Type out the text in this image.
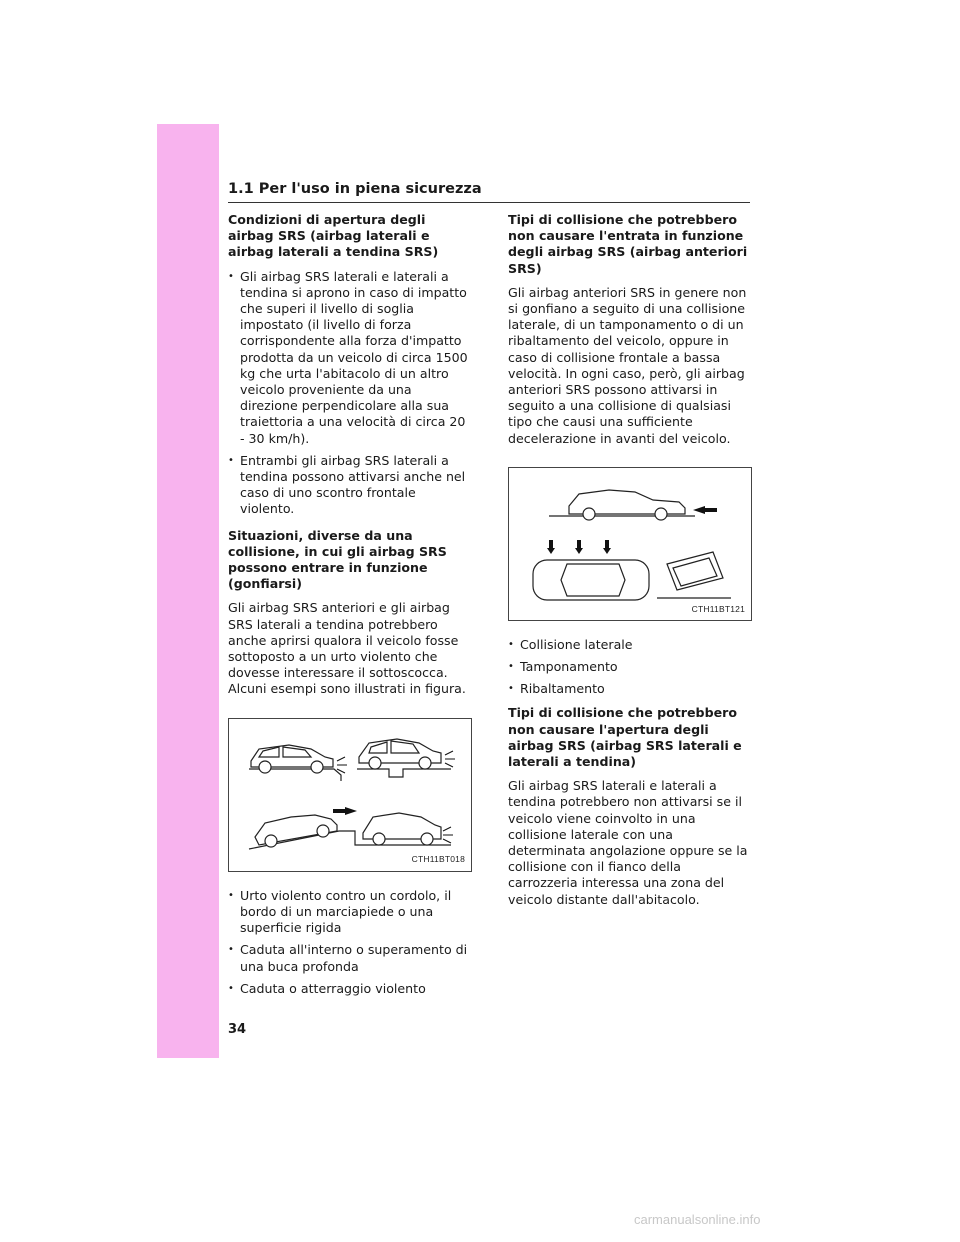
1.1 Per l'uso in piena sicurezza
Condizioni di apertura degli airbag SRS (airbag laterali e airbag laterali a tendina SRS)
• Gli airbag SRS laterali e laterali a tendina si aprono in caso di impatto che superi il livello di soglia impostato (il livello di forza corrispondente alla forza d'impatto prodotta da un veicolo di circa 1500 kg che urta l'abitacolo di un altro veicolo proveniente da una direzione perpendicolare alla sua traiettoria a una velocità di circa 20 - 30 km/h).
• Entrambi gli airbag SRS laterali a tendina possono attivarsi anche nel caso di uno scontro frontale violento.
Situazioni, diverse da una collisione, in cui gli airbag SRS possono entrare in funzione (gonfiarsi)
Gli airbag SRS anteriori e gli airbag SRS laterali a tendina potrebbero anche aprirsi qualora il veicolo fosse sottoposto a un urto violento che dovesse interessare il sottoscocca. Alcuni esempi sono illustrati in figura.
CTH11BT018
• Urto violento contro un cordolo, il bordo di un marciapiede o una superficie rigida
• Caduta all'interno o superamento di una buca profonda
• Caduta o atterraggio violento
Tipi di collisione che potrebbero non causare l'entrata in funzione degli airbag SRS (airbag anteriori SRS)
Gli airbag anteriori SRS in genere non si gonfiano a seguito di una collisione laterale, di un tamponamento o di un ribaltamento del veicolo, oppure in caso di collisione frontale a bassa velocità. In ogni caso, però, gli airbag anteriori SRS possono attivarsi in seguito a una collisione di qualsiasi tipo che causi una sufficiente decelerazione in avanti del veicolo.
CTH11BT121
• Collisione laterale
• Tamponamento
• Ribaltamento
Tipi di collisione che potrebbero non causare l'apertura degli airbag SRS (airbag SRS laterali e laterali a tendina)
Gli airbag SRS laterali e laterali a tendina potrebbero non attivarsi se il veicolo viene coinvolto in una collisione laterale con una determinata angolazione oppure se la collisione con il fianco della carrozzeria interessa una zona del veicolo distante dall'abitacolo.
34
carmanualsonline.info
